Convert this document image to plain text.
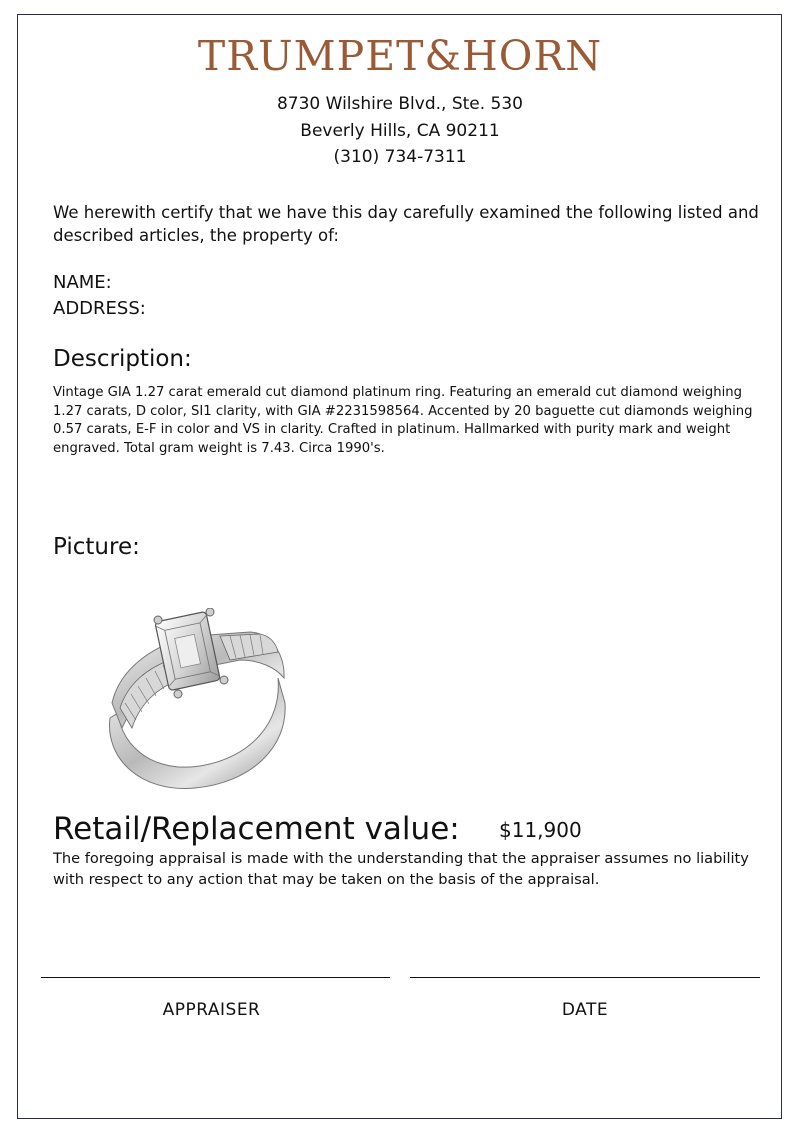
TRUMPET&HORN
8730 Wilshire Blvd., Ste. 530
Beverly Hills, CA 90211
(310) 734-7311
We herewith certify that we have this day carefully examined the following listed and described articles, the property of:
NAME:
ADDRESS:
Description:
Vintage GIA 1.27 carat emerald cut diamond platinum ring. Featuring an emerald cut diamond weighing 1.27 carats, D color, SI1 clarity, with GIA #2231598564. Accented by 20 baguette cut diamonds weighing 0.57 carats, E-F in color and VS in clarity. Crafted in platinum. Hallmarked with purity mark and weight engraved. Total gram weight is 7.43. Circa 1990's.
Picture:
Retail/Replacement value: $11,900
The foregoing appraisal is made with the understanding that the appraiser assumes no liability with respect to any action that may be taken on the basis of the appraisal.
APPRAISER	DATE
